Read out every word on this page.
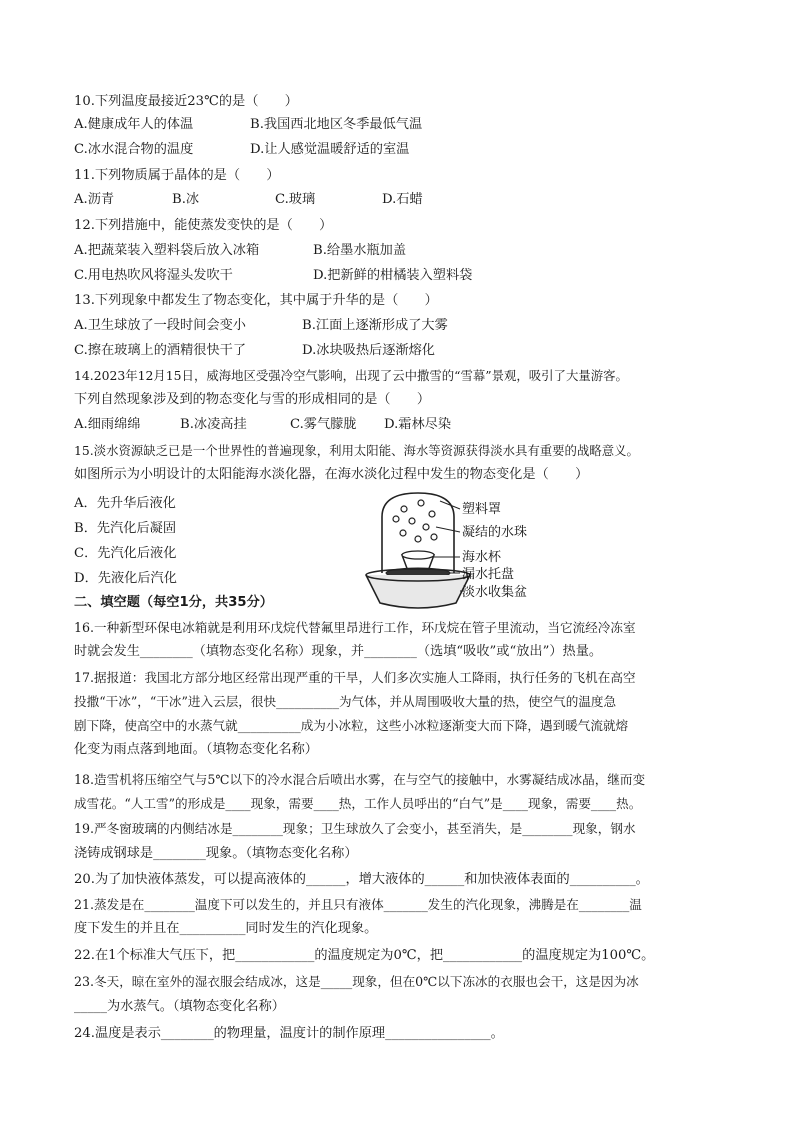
10.下列温度最接近23℃的是（　　）
A.健康成年人的体温	B.我国西北地区冬季最低气温
C.冰水混合物的温度	D.让人感觉温暖舒适的室温
11.下列物质属于晶体的是（　　）
A.沥青	B.冰	C.玻璃	D.石蜡
12.下列措施中，能使蒸发变快的是（　　）
A.把蔬菜装入塑料袋后放入冰箱	B.给墨水瓶加盖
C.用电热吹风将湿头发吹干	D.把新鲜的柑橘装入塑料袋
13.下列现象中都发生了物态变化，其中属于升华的是（　　）
A.卫生球放了一段时间会变小	B.江面上逐渐形成了大雾
C.擦在玻璃上的酒精很快干了	D.冰块吸热后逐渐熔化
14.2023年12月15日，威海地区受强冷空气影响，出现了云中撒雪的“雪幕”景观，吸引了大量游客。
下列自然现象涉及到的物态变化与雪的形成相同的是（　　）
A.细雨绵绵	B.冰凌高挂	C.雾气朦胧 D.霜林尽染
15.淡水资源缺乏已是一个世界性的普遍现象，利用太阳能、海水等资源获得淡水具有重要的战略意义。
如图所示为小明设计的太阳能海水淡化器，在海水淡化过程中发生的物态变化是（　　）
A．先升华后液化
B．先汽化后凝固
C．先汽化后液化
D．先液化后汽化
塑料罩
凝结的水珠
海水杯
漏水托盘
淡水收集盆
二、填空题（每空1分，共35分）
16.一种新型环保电冰箱就是利用环戊烷代替氟里昂进行工作，环戊烷在管子里流动，当它流经冷冻室
时就会发生________（填物态变化名称）现象，并________（选填“吸收”或“放出”）热量。
17.据报道：我国北方部分地区经常出现严重的干旱，人们多次实施人工降雨，执行任务的飞机在高空
投撒“干冰”，“干冰”进入云层，很快__________为气体，并从周围吸收大量的热，使空气的温度急
剧下降，使高空中的水蒸气就__________成为小冰粒，这些小冰粒逐渐变大而下降，遇到暖气流就熔
化变为雨点落到地面。（填物态变化名称）
18.造雪机将压缩空气与5℃以下的冷水混合后喷出水雾，在与空气的接触中，水雾凝结成冰晶，继而变
成雪花。“人工雪”的形成是____现象，需要____热，工作人员呼出的“白气”是____现象，需要____热。
19.严冬窗玻璃的内侧结冰是________现象；卫生球放久了会变小，甚至消失，是________现象，钢水
浇铸成钢球是________现象。（填物态变化名称）
20.为了加快液体蒸发，可以提高液体的______，增大液体的______和加快液体表面的__________。
21.蒸发是在________温度下可以发生的，并且只有液体_______发生的汽化现象，沸腾是在________温
度下发生的并且在__________同时发生的汽化现象。
22.在1个标准大气压下，把____________的温度规定为0℃，把____________的温度规定为100℃。
23.冬天，晾在室外的湿衣服会结成冰，这是_____现象，但在0℃以下冻冰的衣服也会干，这是因为冰
_____为水蒸气。（填物态变化名称）
24.温度是表示________的物理量，温度计的制作原理________________。
